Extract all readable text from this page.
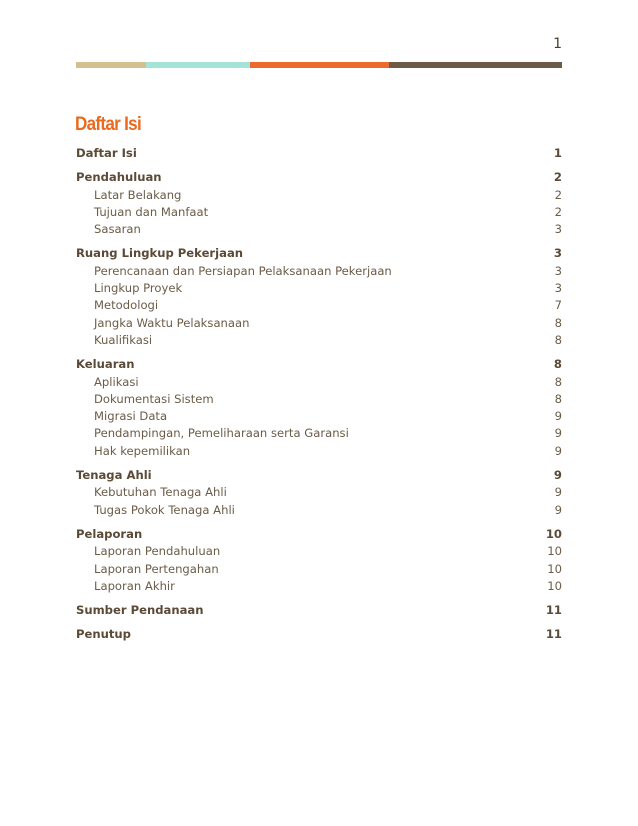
1
Daftar Isi
Daftar Isi	1
Pendahuluan	2
Latar Belakang	2
Tujuan dan Manfaat	2
Sasaran	3
Ruang Lingkup Pekerjaan	3
Perencanaan dan Persiapan Pelaksanaan Pekerjaan	3
Lingkup Proyek	3
Metodologi	7
Jangka Waktu Pelaksanaan	8
Kualifikasi	8
Keluaran	8
Aplikasi	8
Dokumentasi Sistem	8
Migrasi Data	9
Pendampingan, Pemeliharaan serta Garansi	9
Hak kepemilikan	9
Tenaga Ahli	9
Kebutuhan Tenaga Ahli	9
Tugas Pokok Tenaga Ahli	9
Pelaporan	10
Laporan Pendahuluan	10
Laporan Pertengahan	10
Laporan Akhir	10
Sumber Pendanaan	11
Penutup	11
